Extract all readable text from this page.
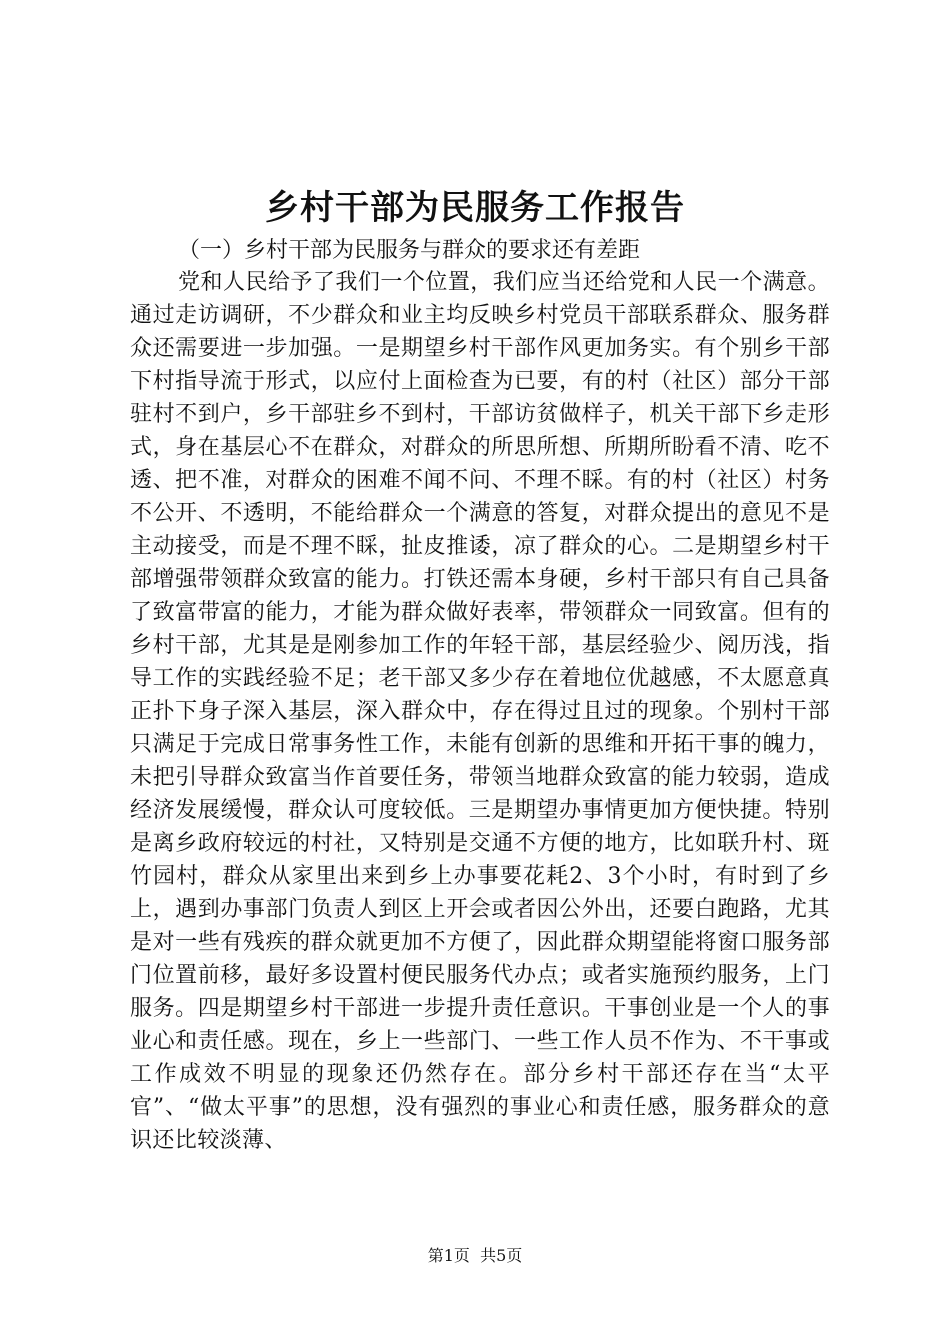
乡村干部为民服务工作报告
（一）乡村干部为民服务与群众的要求还有差距

党和人民给予了我们一个位置，我们应当还给党和人民一个满意。通过走访调研，不少群众和业主均反映乡村党员干部联系群众、服务群众还需要进一步加强。一是期望乡村干部作风更加务实。有个别乡干部下村指导流于形式，以应付上面检查为已要，有的村（社区）部分干部驻村不到户，乡干部驻乡不到村，干部访贫做样子，机关干部下乡走形式，身在基层心不在群众，对群众的所思所想、所期所盼看不清、吃不透、把不准，对群众的困难不闻不问、不理不睬。有的村（社区）村务不公开、不透明，不能给群众一个满意的答复，对群众提出的意见不是主动接受，而是不理不睬，扯皮推诿，凉了群众的心。二是期望乡村干部增强带领群众致富的能力。打铁还需本身硬，乡村干部只有自己具备了致富带富的能力，才能为群众做好表率，带领群众一同致富。但有的乡村干部，尤其是是刚参加工作的年轻干部，基层经验少、阅历浅，指导工作的实践经验不足；老干部又多少存在着地位优越感，不太愿意真正扑下身子深入基层，深入群众中，存在得过且过的现象。个别村干部只满足于完成日常事务性工作，未能有创新的思维和开拓干事的魄力，未把引导群众致富当作首要任务，带领当地群众致富的能力较弱，造成经济发展缓慢，群众认可度较低。三是期望办事情更加方便快捷。特别是离乡政府较远的村社，又特别是交通不方便的地方，比如联升村、斑竹园村，群众从家里出来到乡上办事要花耗2、3个小时，有时到了乡上，遇到办事部门负责人到区上开会或者因公外出，还要白跑路，尤其是对一些有残疾的群众就更加不方便了，因此群众期望能将窗口服务部门位置前移，最好多设置村便民服务代办点；或者实施预约服务，上门服务。四是期望乡村干部进一步提升责任意识。干事创业是一个人的事业心和责任感。现在，乡上一些部门、一些工作人员不作为、不干事或工作成效不明显的现象还仍然存在。部分乡村干部还存在当“太平官”、“做太平事”的思想，没有强烈的事业心和责任感，服务群众的意识还比较淡薄、

第1页  共5页
